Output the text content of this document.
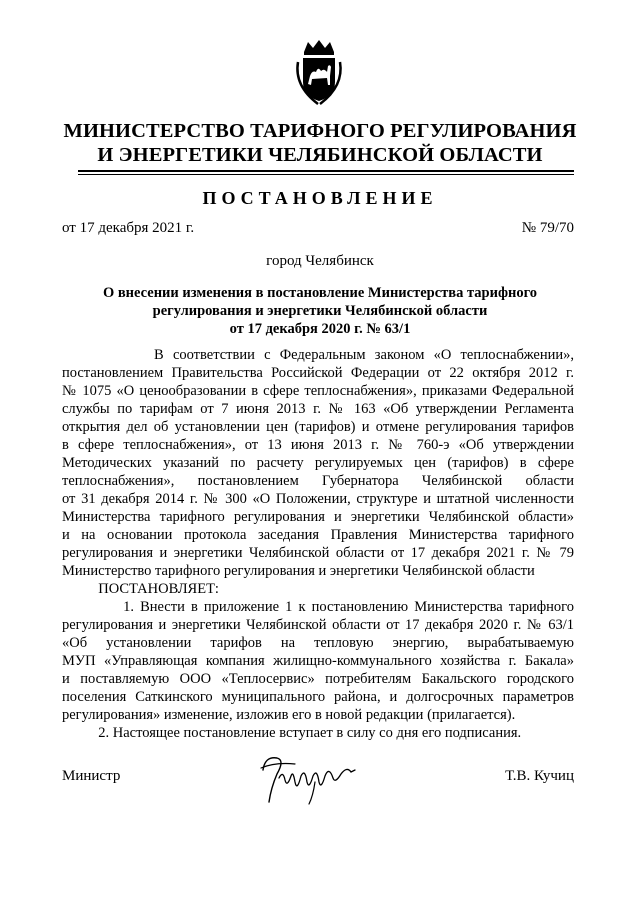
МИНИСТЕРСТВО ТАРИФНОГО РЕГУЛИРОВАНИЯ
И ЭНЕРГЕТИКИ ЧЕЛЯБИНСКОЙ ОБЛАСТИ
ПОСТАНОВЛЕНИЕ
от 17 декабря 2021 г.	№ 79/70
город Челябинск
О внесении изменения в постановление Министерства тарифного
регулирования и энергетики Челябинской области
от 17 декабря 2020 г. № 63/1
В соответствии с Федеральным законом «О теплоснабжении»,
постановлением Правительства Российской Федерации от 22 октября 2012 г.
№ 1075 «О ценообразовании в сфере теплоснабжения», приказами Федеральной
службы по тарифам от 7 июня 2013 г. № 163 «Об утверждении Регламента
открытия дел об установлении цен (тарифов) и отмене регулирования тарифов
в сфере теплоснабжения», от 13 июня 2013 г. № 760-э «Об утверждении
Методических указаний по расчету регулируемых цен (тарифов) в сфере
теплоснабжения», постановлением Губернатора Челябинской области
от 31 декабря 2014 г. № 300 «О Положении, структуре и штатной численности
Министерства тарифного регулирования и энергетики Челябинской области»
и на основании протокола заседания Правления Министерства тарифного
регулирования и энергетики Челябинской области от 17 декабря 2021 г. № 79
Министерство тарифного регулирования и энергетики Челябинской области
ПОСТАНОВЛЯЕТ:
1. Внести в приложение 1 к постановлению Министерства тарифного
регулирования и энергетики Челябинской области от 17 декабря 2020 г. № 63/1
«Об установлении тарифов на тепловую энергию, вырабатываемую
МУП «Управляющая компания жилищно-коммунального хозяйства г. Бакала»
и поставляемую ООО «Теплосервис» потребителям Бакальского городского
поселения Саткинского муниципального района, и долгосрочных параметров
регулирования» изменение, изложив его в новой редакции (прилагается).
2. Настоящее постановление вступает в силу со дня его подписания.
Министр	Т.В. Кучиц
